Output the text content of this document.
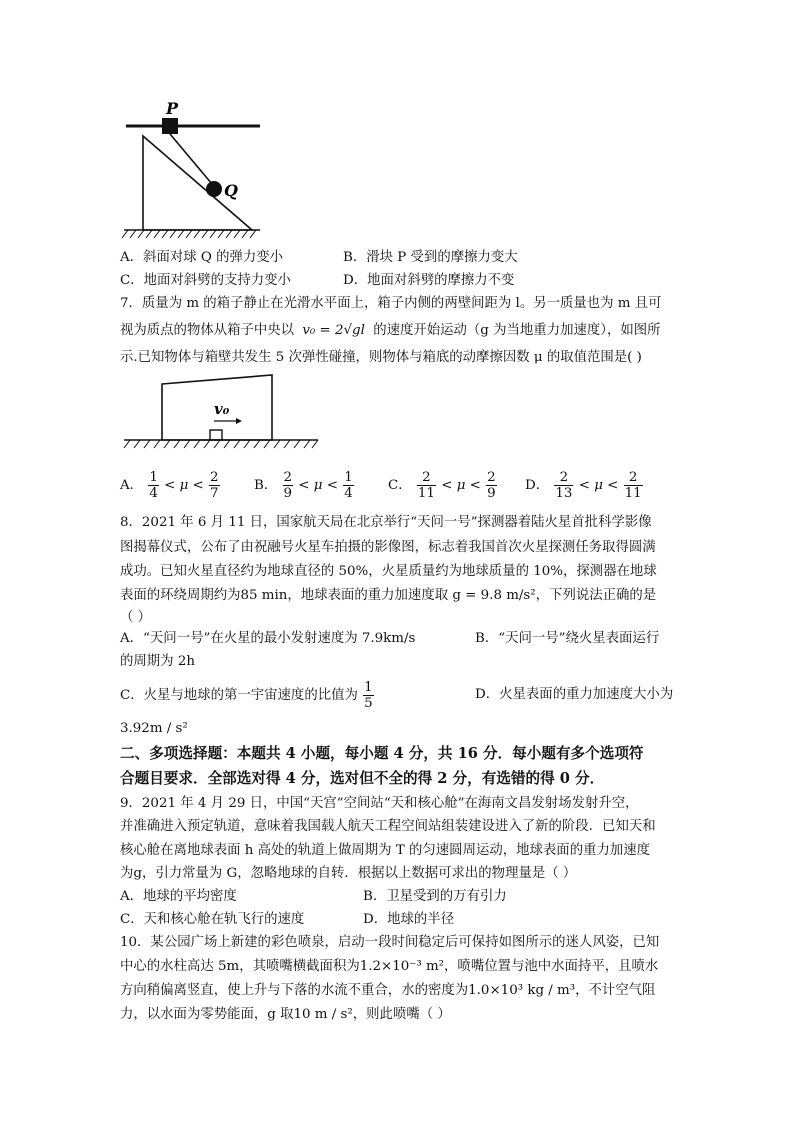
P
Q
A．斜面对球 Q 的弹力变小	B．滑块 P 受到的摩擦力变大
C．地面对斜劈的支持力变小	D．地面对斜劈的摩擦力不变
7．质量为 m 的箱子静止在光滑水平面上，箱子内侧的两壁间距为 l。另一质量也为 m 且可
视为质点的物体从箱子中央以 v₀ = 2√gl 的速度开始运动（g 为当地重力加速度），如图所
示.已知物体与箱壁共发生 5 次弹性碰撞，则物体与箱底的动摩擦因数 μ 的取值范围是( )
v₀
A． $\frac{1}{4} < \mu < \frac{2}{7}$	B． $\frac{2}{9} < \mu < \frac{1}{4}$	C． $\frac{2}{11} < \mu < \frac{2}{9}$ D． $\frac{2}{13} < \mu < \frac{2}{11}$
8．2021 年 6 月 11 日，国家航天局在北京举行“天问一号”探测器着陆火星首批科学影像
图揭幕仪式，公布了由祝融号火星车拍摄的影像图，标志着我国首次火星探测任务取得圆满
成功。已知火星直径约为地球直径的 50%，火星质量约为地球质量的 10%，探测器在地球
表面的环绕周期约为85 min，地球表面的重力加速度取 g = 9.8 m/s²，下列说法正确的是
（ ）
A．“天问一号”在火星的最小发射速度为 7.9km/s	B．“天问一号”绕火星表面运行
的周期为 2h
C．火星与地球的第一宇宙速度的比值为 $\frac{1}{5}$	D．火星表面的重力加速度大小为
3.92m / s²
二、多项选择题：本题共 4 小题，每小题 4 分，共 16 分．每小题有多个选项符
合题目要求．全部选对得 4 分，选对但不全的得 2 分，有选错的得 0 分．
9．2021 年 4 月 29 日，中国“天宫”空间站“天和核心舱”在海南文昌发射场发射升空，
并准确进入预定轨道，意味着我国载人航天工程空间站组装建设进入了新的阶段．已知天和
核心舱在离地球表面 h 高处的轨道上做周期为 T 的匀速圆周运动，地球表面的重力加速度
为g，引力常量为 G，忽略地球的自转．根据以上数据可求出的物理量是（ ）
A．地球的平均密度	B．卫星受到的万有引力
C．天和核心舱在轨飞行的速度	D．地球的半径
10．某公园广场上新建的彩色喷泉，启动一段时间稳定后可保持如图所示的迷人风姿，已知
中心的水柱高达 5m，其喷嘴横截面积为1.2×10⁻³ m²，喷嘴位置与池中水面持平，且喷水
方向稍偏离竖直，使上升与下落的水流不重合，水的密度为1.0×10³ kg / m³，不计空气阻
力，以水面为零势能面，g 取10 m / s²，则此喷嘴（ ）
